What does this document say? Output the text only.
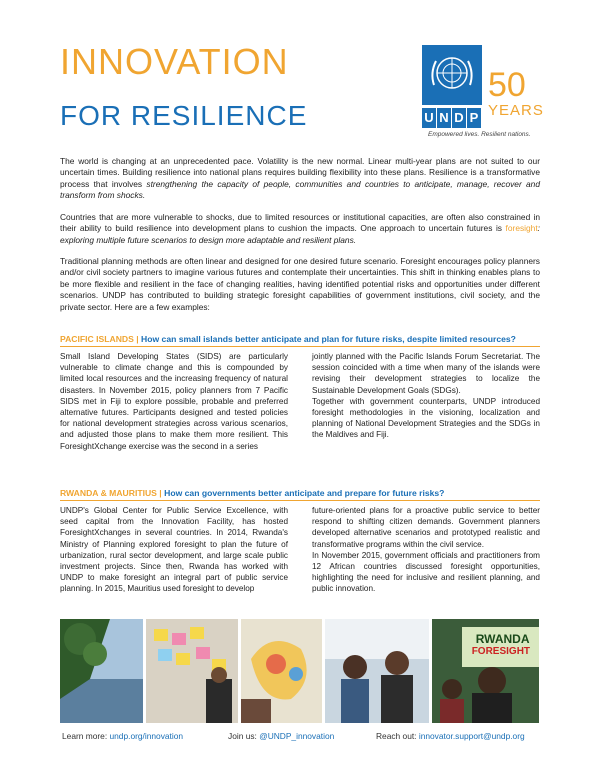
INNOVATION
FOR RESILIENCE	U N D P
50
YEARS
Empowered lives. Resilient nations.
The world is changing at an unprecedented pace. Volatility is the new normal. Linear multi-year plans are not suited to our uncertain times. Building resilience into national plans requires building flexibility into these plans. Resilience is a transformative process that involves strengthening the capacity of people, communities and countries to anticipate, manage, recover and transform from shocks.
Countries that are more vulnerable to shocks, due to limited resources or institutional capacities, are often also constrained in their ability to build resilience into development plans to cushion the impacts. One approach to uncertain futures is foresight: exploring multiple future scenarios to design more adaptable and resilient plans.
Traditional planning methods are often linear and designed for one desired future scenario. Foresight encourages policy planners and/or civil society partners to imagine various futures and contemplate their uncertainties. This shift in thinking enables plans to be more flexible and resilient in the face of changing realities, having identified potential risks and opportunities under different scenarios. UNDP has contributed to building strategic foresight capabilities of government institutions, civil society, and the private sector. Here are a few examples:
PACIFIC ISLANDS | How can small islands better anticipate and plan for future risks, despite limited resources?
Small Island Developing States (SIDS) are particularly vulnerable to climate change and this is compounded by limited local resources and the increasing frequency of natural disasters. In November 2015, policy planners from 7 Pacific SIDS met in Fiji to explore possible, probable and preferred alternative futures. Participants designed and tested policies for national development strategies across various scenarios, and adjusted those plans to make them more resilient. This ForesightXchange exercise was the second in a series
jointly planned with the Pacific Islands Forum Secretariat. The session coincided with a time when many of the islands were revising their development strategies to localize the Sustainable Development Goals (SDGs).
Together with government counterparts, UNDP introduced foresight methodologies in the visioning, localization and planning of National Development Strategies and the SDGs in the Maldives and Fiji.
RWANDA & MAURITIUS | How can governments better anticipate and prepare for future risks?
UNDP's Global Center for Public Service Excellence, with seed capital from the Innovation Facility, has hosted ForesightXchanges in several countries. In 2014, Rwanda's Ministry of Planning explored foresight to plan the future of urbanization, rural sector development, and large scale public investment projects. Since then, Rwanda has worked with UNDP to make foresight an integral part of public service planning. In 2015, Mauritius used foresight to develop
future-oriented plans for a proactive public service to better respond to shifting citizen demands. Government planners developed alternative scenarios and prototyped realistic and transformative programs within the civil service.
In November 2015, government officials and practitioners from 12 African countries discussed foresight opportunities, highlighting the need for inclusive and resilient planning, and public innovation.
RWANDA
FORESIGHT
Learn more: undp.org/innovation	Join us: @UNDP_innovation	Reach out: innovator.support@undp.org
